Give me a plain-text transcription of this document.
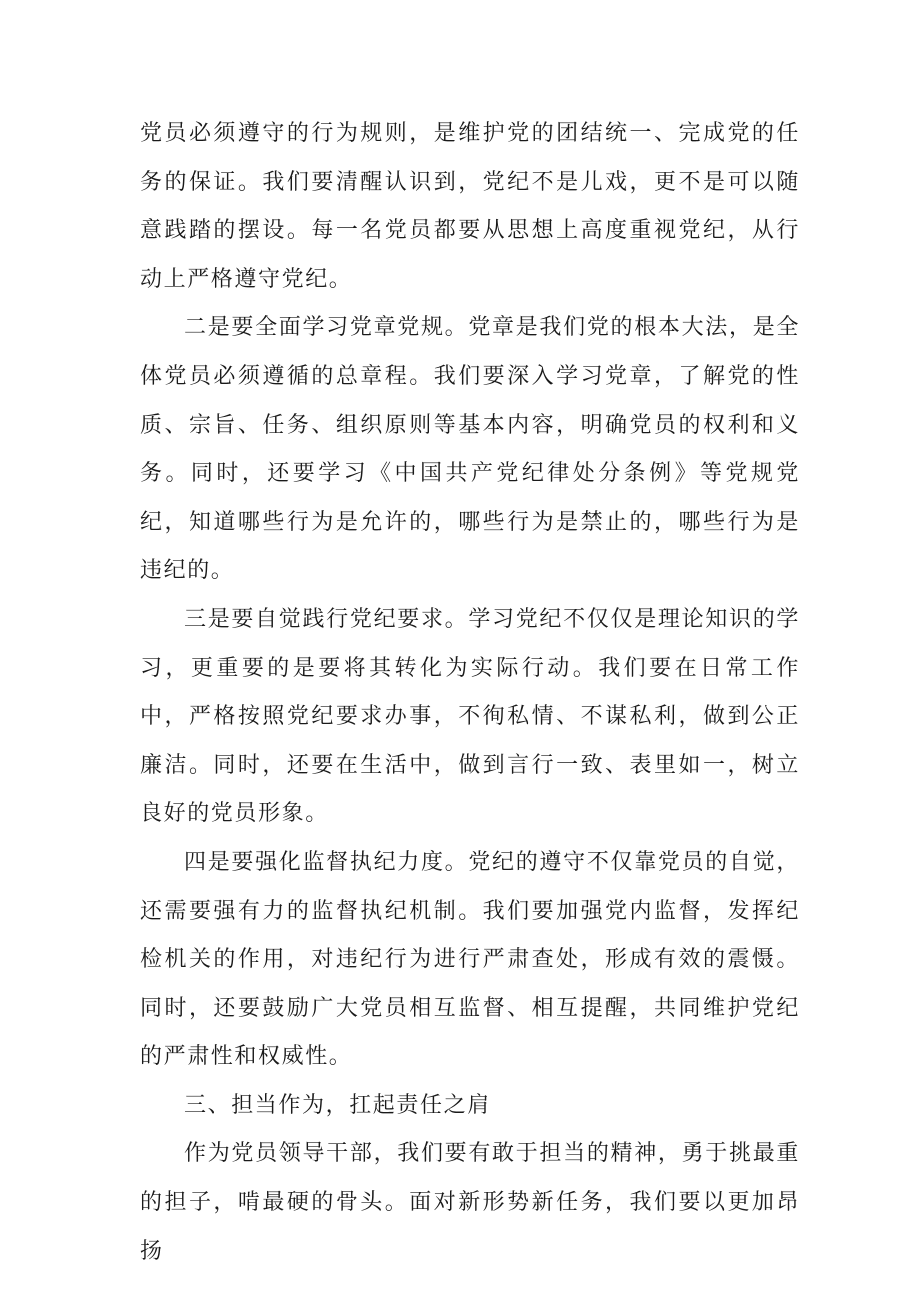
党员必须遵守的行为规则，是维护党的团结统一、完成党的任务的保证。我们要清醒认识到，党纪不是儿戏，更不是可以随意践踏的摆设。每一名党员都要从思想上高度重视党纪，从行动上严格遵守党纪。

二是要全面学习党章党规。党章是我们党的根本大法，是全体党员必须遵循的总章程。我们要深入学习党章，了解党的性质、宗旨、任务、组织原则等基本内容，明确党员的权利和义务。同时，还要学习《中国共产党纪律处分条例》等党规党纪，知道哪些行为是允许的，哪些行为是禁止的，哪些行为是违纪的。

三是要自觉践行党纪要求。学习党纪不仅仅是理论知识的学习，更重要的是要将其转化为实际行动。我们要在日常工作中，严格按照党纪要求办事，不徇私情、不谋私利，做到公正廉洁。同时，还要在生活中，做到言行一致、表里如一，树立良好的党员形象。

四是要强化监督执纪力度。党纪的遵守不仅靠党员的自觉，还需要强有力的监督执纪机制。我们要加强党内监督，发挥纪检机关的作用，对违纪行为进行严肃查处，形成有效的震慑。同时，还要鼓励广大党员相互监督、相互提醒，共同维护党纪的严肃性和权威性。

三、担当作为，扛起责任之肩

作为党员领导干部，我们要有敢于担当的精神，勇于挑最重的担子，啃最硬的骨头。面对新形势新任务，我们要以更加昂扬
